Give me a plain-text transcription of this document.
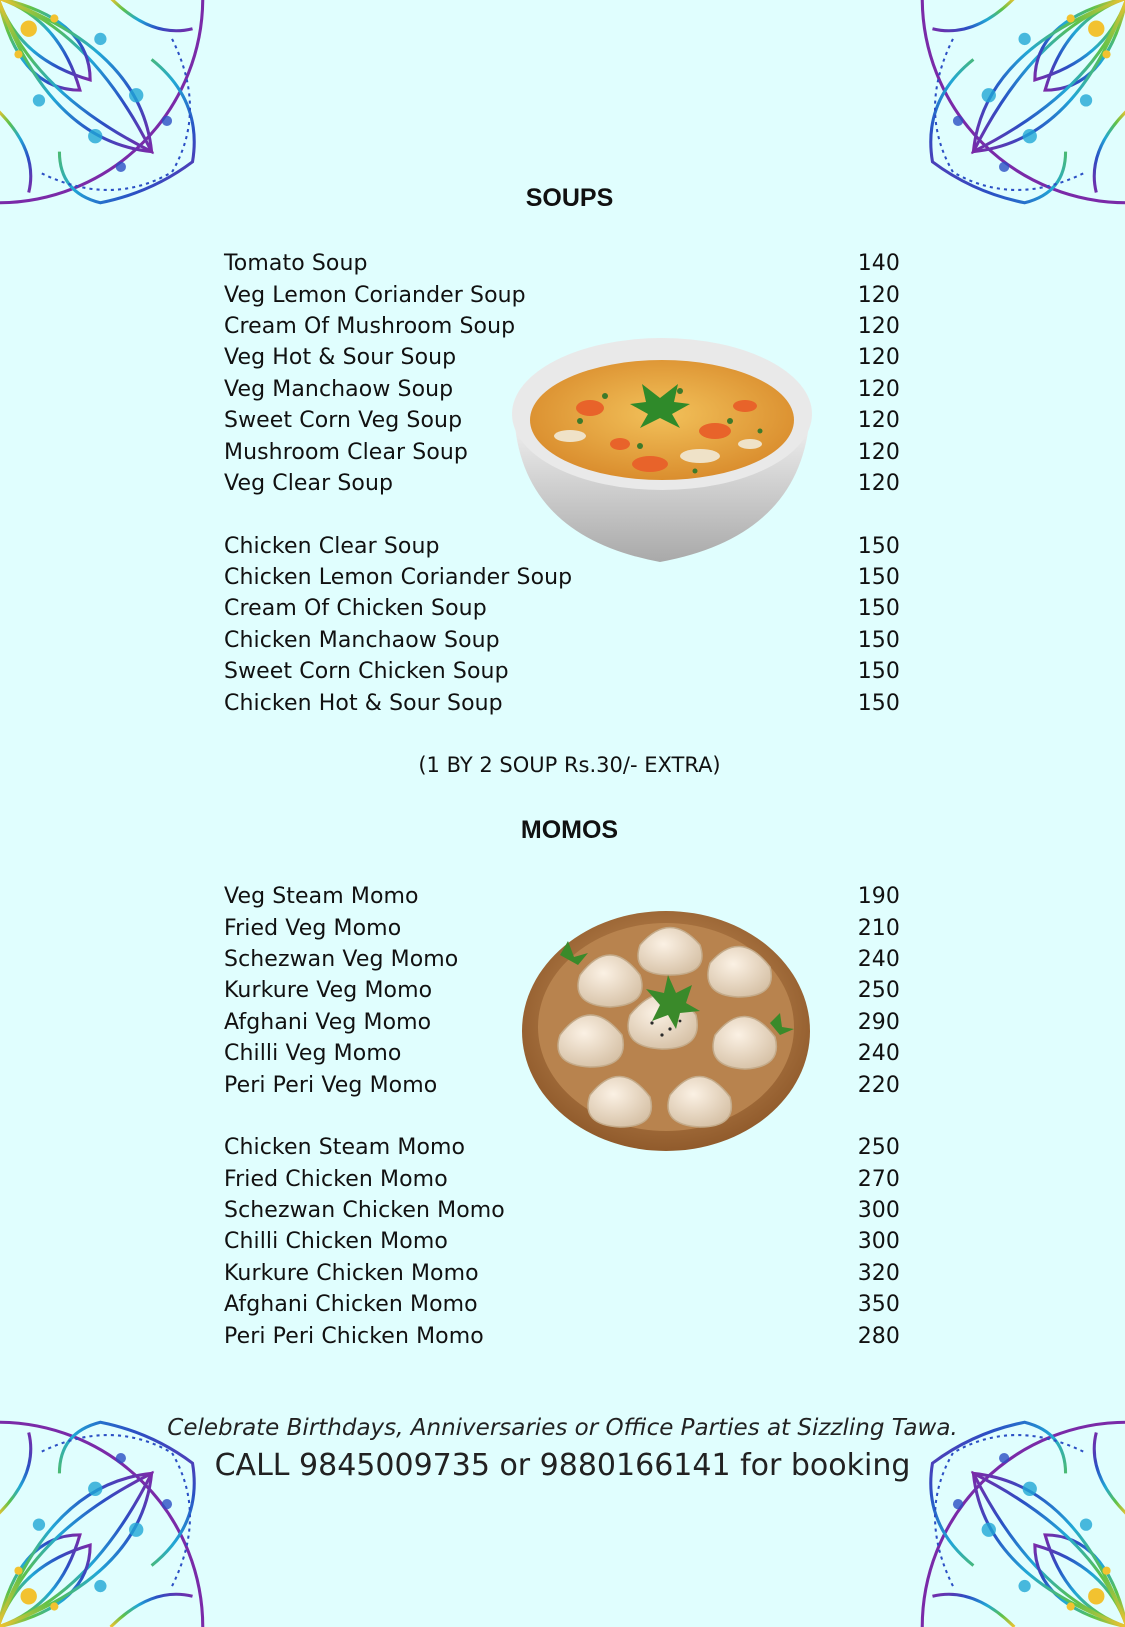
SOUPS
Tomato Soup	140
Veg Lemon Coriander Soup	120
Cream Of Mushroom Soup	120
Veg Hot & Sour Soup	120
Veg Manchaow Soup	120
Sweet Corn Veg Soup	120
Mushroom Clear Soup	120
Veg Clear Soup	120
Chicken Clear Soup	150
Chicken Lemon Coriander Soup	150
Cream Of Chicken Soup	150
Chicken Manchaow Soup	150
Sweet Corn Chicken Soup	150
Chicken Hot & Sour Soup	150
(1 BY 2 SOUP Rs.30/- EXTRA)
MOMOS
Veg Steam Momo	190
Fried Veg Momo	210
Schezwan Veg Momo	240
Kurkure Veg Momo	250
Afghani Veg Momo	290
Chilli Veg Momo	240
Peri Peri Veg Momo	220
Chicken Steam Momo	250
Fried Chicken Momo	270
Schezwan Chicken Momo	300
Chilli Chicken Momo	300
Kurkure Chicken Momo	320
Afghani Chicken Momo	350
Peri Peri Chicken Momo	280
Celebrate Birthdays, Anniversaries or Office Parties at Sizzling Tawa.
CALL 9845009735 or 9880166141 for booking
